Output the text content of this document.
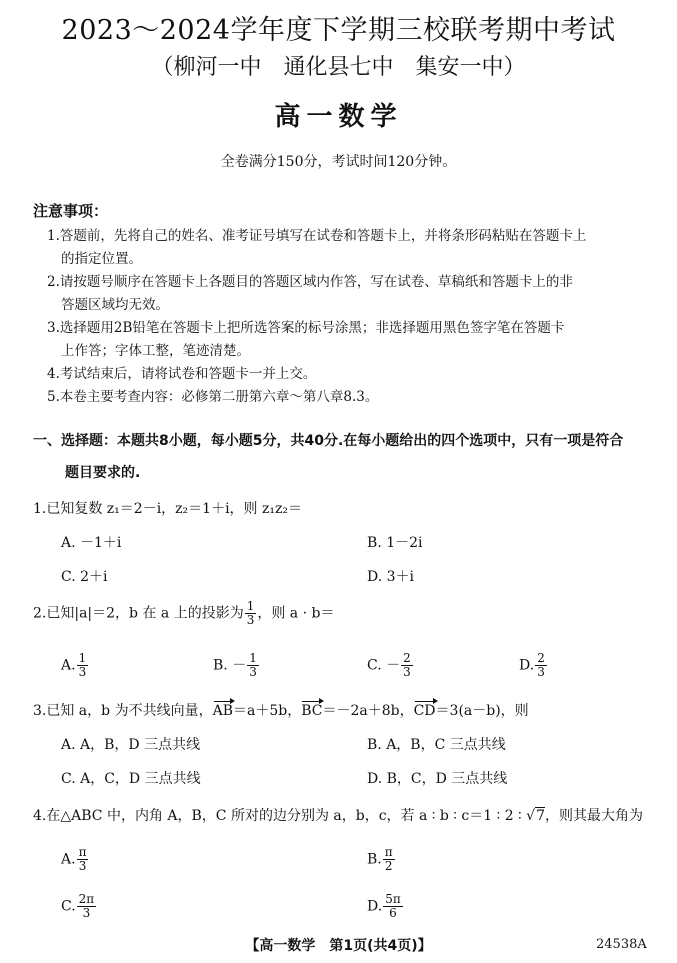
2023～2024学年度下学期三校联考期中考试
（柳河一中　通化县七中　集安一中）
高一数学
全卷满分150分，考试时间120分钟。
注意事项：
1.答题前，先将自己的姓名、准考证号填写在试卷和答题卡上，并将条形码粘贴在答题卡上
的指定位置。
2.请按题号顺序在答题卡上各题目的答题区域内作答，写在试卷、草稿纸和答题卡上的非
答题区域均无效。
3.选择题用2B铅笔在答题卡上把所选答案的标号涂黑；非选择题用黑色签字笔在答题卡
上作答；字体工整，笔迹清楚。
4.考试结束后，请将试卷和答题卡一并上交。
5.本卷主要考查内容：必修第二册第六章～第八章8.3。
一、选择题：本题共8小题，每小题5分，共40分.在每小题给出的四个选项中，只有一项是符合
题目要求的.
1.已知复数 z₁＝2－i，z₂＝1＋i，则 z₁z₂＝
A. －1＋i	B. 1－2i
C. 2＋i	D. 3＋i
2.已知|a|＝2，b 在 a 上的投影为 $\frac{1}{3}$ ，则 a · b＝
A. $\frac{1}{3}$	B. － $\frac{1}{3}$	C. － $\frac{2}{3}$	D. $\frac{2}{3}$
3.已知 a，b 为不共线向量，AB＝a＋5b，BC＝－2a＋8b，CD＝3(a－b)，则
A. A，B，D 三点共线	B. A，B，C 三点共线
C. A，C，D 三点共线	D. B，C，D 三点共线
4.在△ABC 中，内角 A，B，C 所对的边分别为 a，b，c，若 a ∶ b ∶ c＝1 ∶ 2 ∶ √7，则其最大角为
A. $\frac{\pi}{3}$	B. $\frac{\pi}{2}$
C. $\frac{2\pi}{3}$	D. $\frac{5\pi}{6}$
【高一数学　第1页(共4页)】	24538A
